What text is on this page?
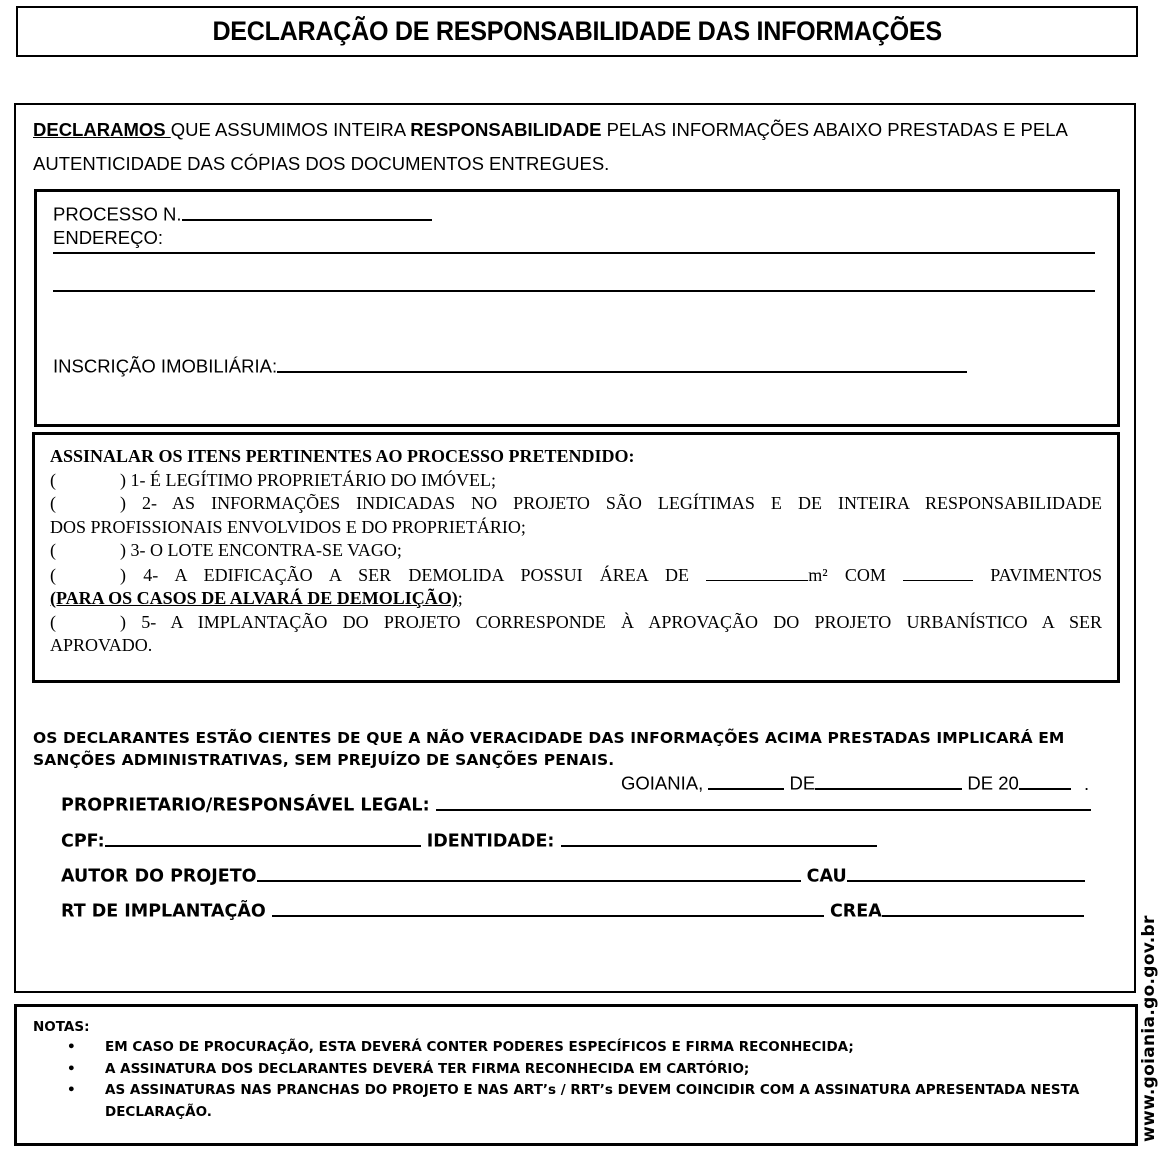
DECLARAÇÃO DE RESPONSABILIDADE DAS INFORMAÇÕES

DECLARAMOS QUE ASSUMIMOS INTEIRA RESPONSABILIDADE PELAS INFORMAÇÕES ABAIXO PRESTADAS E PELA AUTENTICIDADE DAS CÓPIAS DOS DOCUMENTOS ENTREGUES.

PROCESSO N.
ENDEREÇO:
INSCRIÇÃO IMOBILIÁRIA:
ASSINALAR OS ITENS PERTINENTES AO PROCESSO PRETENDIDO:
(	) 1- É LEGÍTIMO PROPRIETÁRIO DO IMÓVEL;
(	) 2- AS INFORMAÇÕES INDICADAS NO PROJETO SÃO LEGÍTIMAS E DE INTEIRA RESPONSABILIDADE
DOS PROFISSIONAIS ENVOLVIDOS E DO PROPRIETÁRIO;
(	) 3- O LOTE ENCONTRA-SE VAGO;
(	) 4- A EDIFICAÇÃO A SER DEMOLIDA POSSUI ÁREA DE	m² COM	PAVIMENTOS
(PARA OS CASOS DE ALVARÁ DE DEMOLIÇÃO);
(	) 5- A IMPLANTAÇÃO DO PROJETO CORRESPONDE À APROVAÇÃO DO PROJETO URBANÍSTICO A SER
APROVADO.

OS DECLARANTES ESTÃO CIENTES DE QUE A NÃO VERACIDADE DAS INFORMAÇÕES ACIMA PRESTADAS IMPLICARÁ EM SANÇÕES ADMINISTRATIVAS, SEM PREJUÍZO DE SANÇÕES PENAIS.

GOIANIA,	DE	DE 20	.
PROPRIETARIO/RESPONSÁVEL LEGAL:
CPF:	IDENTIDADE:
AUTOR DO PROJETO	CAU
RT DE IMPLANTAÇÃO	CREA
NOTAS:
• EM CASO DE PROCURAÇÃO, ESTA DEVERÁ CONTER PODERES ESPECÍFICOS E FIRMA RECONHECIDA;
• A ASSINATURA DOS DECLARANTES DEVERÁ TER FIRMA RECONHECIDA EM CARTÓRIO;
• AS ASSINATURAS NAS PRANCHAS DO PROJETO E NAS ART’s / RRT’s DEVEM COINCIDIR COM A ASSINATURA APRESENTADA NESTA DECLARAÇÃO.	www.goiania.go.gov.br
